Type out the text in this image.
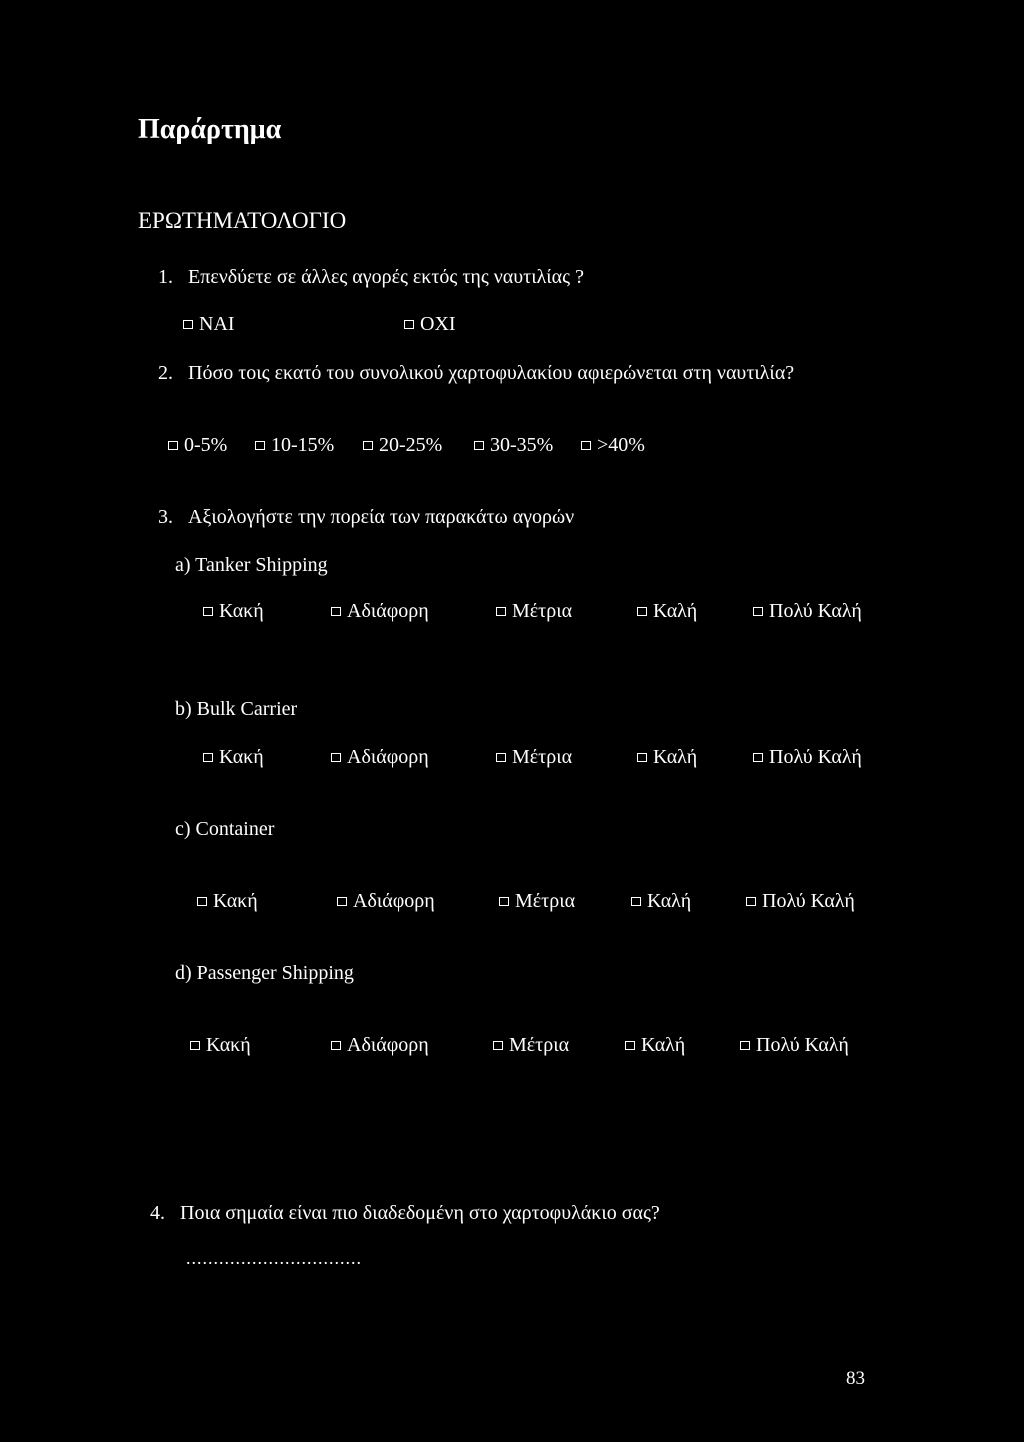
Παράρτημα
ΕΡΩΤΗΜΑΤΟΛΟΓΙΟ
1. Επενδύετε σε άλλες αγορές εκτός της ναυτιλίας ?
ΝΑΙ	ΟΧΙ
2. Πόσο τοις εκατό του συνολικού χαρτοφυλακίου αφιερώνεται στη ναυτιλία?
0-5% 10-15% 20-25% 30-35% >40%
3. Αξιολογήστε την πορεία των παρακάτω αγορών
a) Tanker Shipping
Κακή	Αδιάφορη	Μέτρια	Καλή	Πολύ Καλή
b) Bulk Carrier
Κακή	Αδιάφορη	Μέτρια	Καλή	Πολύ Καλή
c) Container
Κακή	Αδιάφορη	Μέτρια	Καλή	Πολύ Καλή
d) Passenger Shipping
Κακή	Αδιάφορη	Μέτρια	Καλή	Πολύ Καλή
4. Ποια σημαία είναι πιο διαδεδομένη στο χαρτοφυλάκιο σας?
................................
83
